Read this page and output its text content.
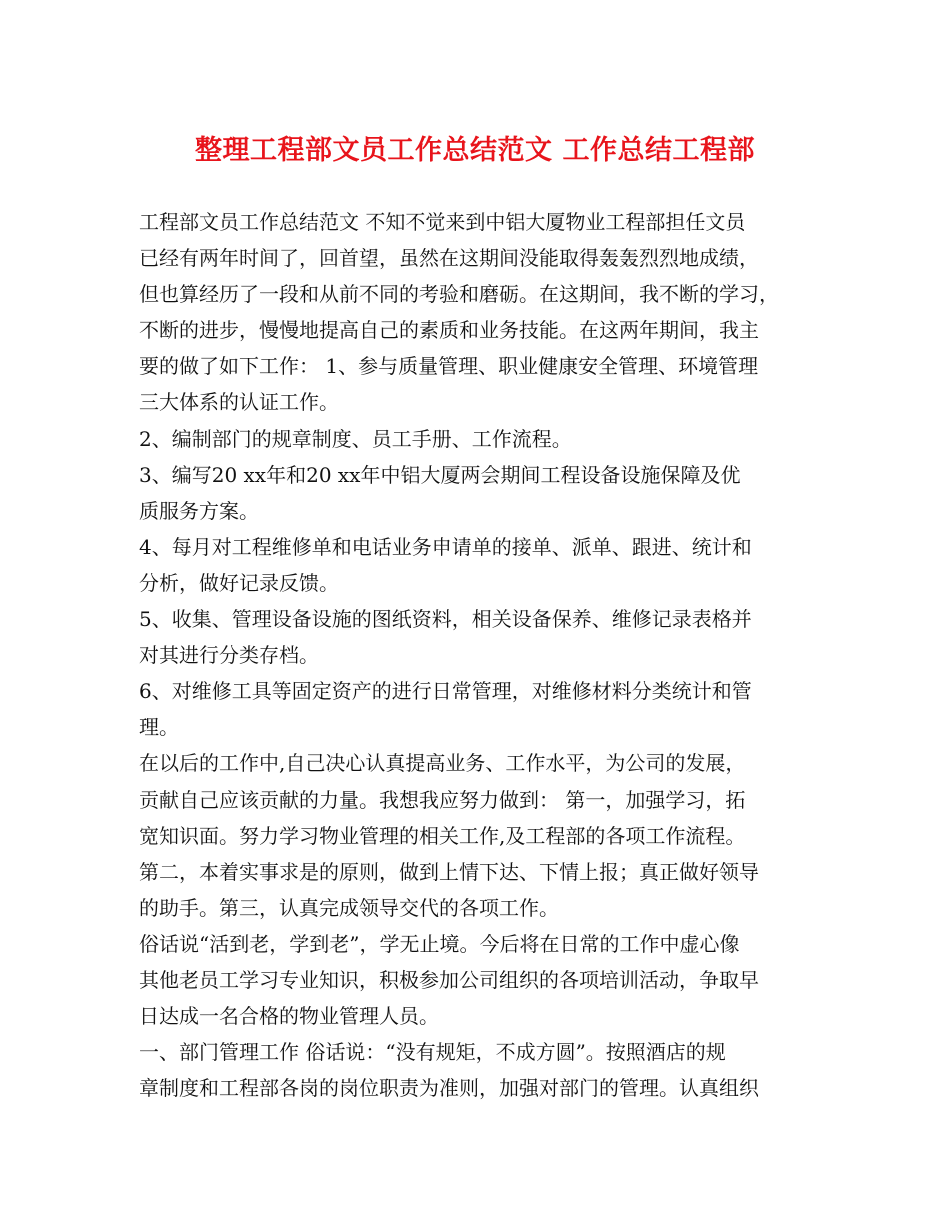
整理工程部文员工作总结范文 工作总结工程部
工程部文员工作总结范文 不知不觉来到中铝大厦物业工程部担任文员
已经有两年时间了，回首望，虽然在这期间没能取得轰轰烈烈地成绩，
但也算经历了一段和从前不同的考验和磨砺。在这期间，我不断的学习，
不断的进步，慢慢地提高自己的素质和业务技能。在这两年期间，我主
要的做了如下工作： 1、参与质量管理、职业健康安全管理、环境管理
三大体系的认证工作。
2、编制部门的规章制度、员工手册、工作流程。
3、编写20 xx年和20 xx年中铝大厦两会期间工程设备设施保障及优
质服务方案。
4、每月对工程维修单和电话业务申请单的接单、派单、跟进、统计和
分析，做好记录反馈。
5、收集、管理设备设施的图纸资料，相关设备保养、维修记录表格并
对其进行分类存档。
6、对维修工具等固定资产的进行日常管理，对维修材料分类统计和管
理。
在以后的工作中,自己决心认真提高业务、工作水平，为公司的发展，
贡献自己应该贡献的力量。我想我应努力做到： 第一，加强学习，拓
宽知识面。努力学习物业管理的相关工作,及工程部的各项工作流程。
第二，本着实事求是的原则，做到上情下达、下情上报；真正做好领导
的助手。第三，认真完成领导交代的各项工作。
俗话说“活到老，学到老”，学无止境。今后将在日常的工作中虚心像
其他老员工学习专业知识，积极参加公司组织的各项培训活动，争取早
日达成一名合格的物业管理人员。
一、部门管理工作 俗话说：“没有规矩，不成方圆”。按照酒店的规
章制度和工程部各岗的岗位职责为准则，加强对部门的管理。认真组织
